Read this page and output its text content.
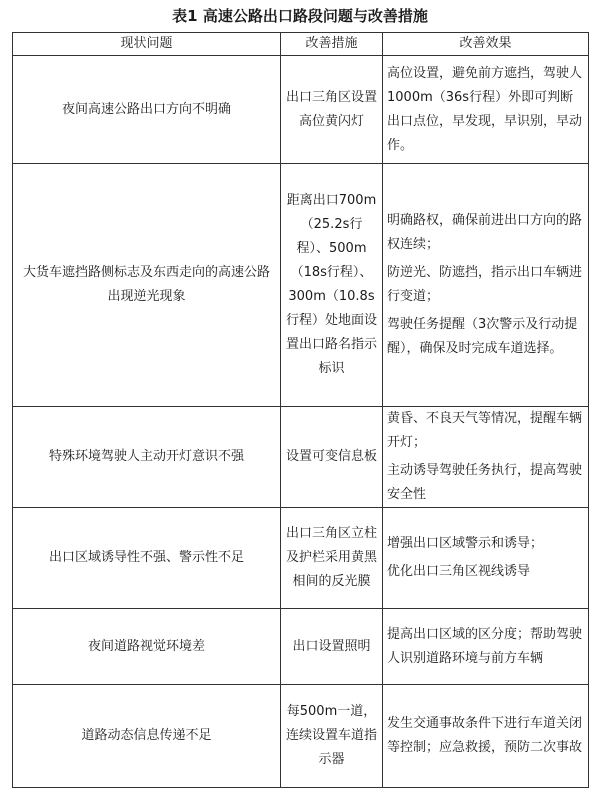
表1 高速公路出口路段问题与改善措施
现状问题	改善措施	改善效果
夜间高速公路出口方向不明确	出口三角区设置高位黄闪灯	高位设置，避免前方遮挡，驾驶人1000m（36s行程）外即可判断出口点位，早发现，早识别，早动作。

大货车遮挡路侧标志及东西走向的高速公路出现逆光现象	距离出口700m（25.2s行程）、500m（18s行程）、300m（10.8s行程）处地面设置出口路名指示标识	明确路权，确保前进出口方向的路权连续；

防逆光、防遮挡，指示出口车辆进行变道；

驾驶任务提醒（3次警示及行动提醒），确保及时完成车道选择。

特殊环境驾驶人主动开灯意识不强	设置可变信息板	黄昏、不良天气等情况，提醒车辆开灯；

主动诱导驾驶任务执行，提高驾驶安全性

出口区域诱导性不强、警示性不足	出口三角区立柱及护栏采用黄黑相间的反光膜	增强出口区域警示和诱导；

优化出口三角区视线诱导

夜间道路视觉环境差	出口设置照明	提高出口区域的区分度；帮助驾驶人识别道路环境与前方车辆

道路动态信息传递不足	每500m一道，连续设置车道指示器	发生交通事故条件下进行车道关闭等控制；应急救援，预防二次事故
